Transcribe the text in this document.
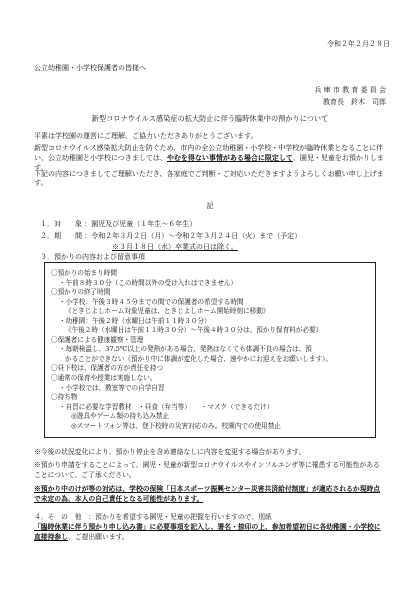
令和２年２月２８日
公立幼稚園・小学校保護者の皆様へ
兵 庫 市 教 育 委 員 会
教育長　鈴木　司郎
新型コロナウイルス感染症の拡大防止に伴う臨時休業中の預かりについて
平素は学校園の運営にご理解、ご協力いただきありがとうございます。
新型コロナウイルス感染拡大防止を防ぐため、市内の全公立幼稚園・小学校・中学校が臨時休業となることに伴い、公立幼稚園と小学校につきましては、やむを得ない事情がある場合に限定して、園児・児童をお預かりします。
下記の内容につきましてご理解いただき、各家庭でご判断・ご対応いただきますようよろしくお願い申し上げます。
記
１．対　　象 ：園児及び児童（１年生～６年生）
２．期　　間 ：令和２年３月２日（月）～令和２年３月２４日（火）まで（予定）
※３月１８日（水）卒業式の日は除く。
３．預かりの内容および留意事項
〇預かりの始まり時間
・午前８時３０分（この時間以外の受け入れはできません）
〇預かりの終了時間
・小学校：午後３時４５分までの間での保護者の希望する時間
《ときじよしホーム対象児童は、ときじよしホーム開始時刻に移動》
・幼稚園：午後２時（水曜日は午前１１時３０分）
《午後２時（水曜日は午前１１時３０分）～午後４時３０分は、預かり保育料が必要》
〇保護者による健康観察・管理
・毎朝検温し、37.5℃以上の発熱がある場合、発熱はなくても体調不良の場合は、預
かることができない（預かり中に体調が変化した場合、速やかにお迎えをお願いします）。
〇昼下校は、保護者の方が責任を持つ
〇通常の保育や授業は実施しない。
・小学校では、教室等での自学自習
〇持ち物
・自習に必要な学習教材　・昼食（弁当等）　　・マスク（できるだけ）
◎遊具やゲーム類の持ち込み禁止
◎スマートフォン等は、登下校時の災害対応のみ。校園内での使用禁止
※今後の状況変化により、預かり停止を含め連絡なしに内容を変更する場合があります。
※預かり申請をすることによって、園児・児童が新型コロナウイルスやインフルエンザ等に罹患する可能性があることについて、ご了承ください。
※預かり中のけが等の対応は、学校の保険「日本スポーツ振興センター災害共済給付制度」が適応されるか現時点で未定の為、本人の自己責任となる可能性があります。
４．そ　の　他　：預かりを希望する園児・児童の把握を行いますので、別紙「臨時休業に伴う預かり申し込み書」に必要事項を記入し、署名・捺印の上、参加希望初日に各幼稚園・小学校に直接持参し、ご提出願います。
